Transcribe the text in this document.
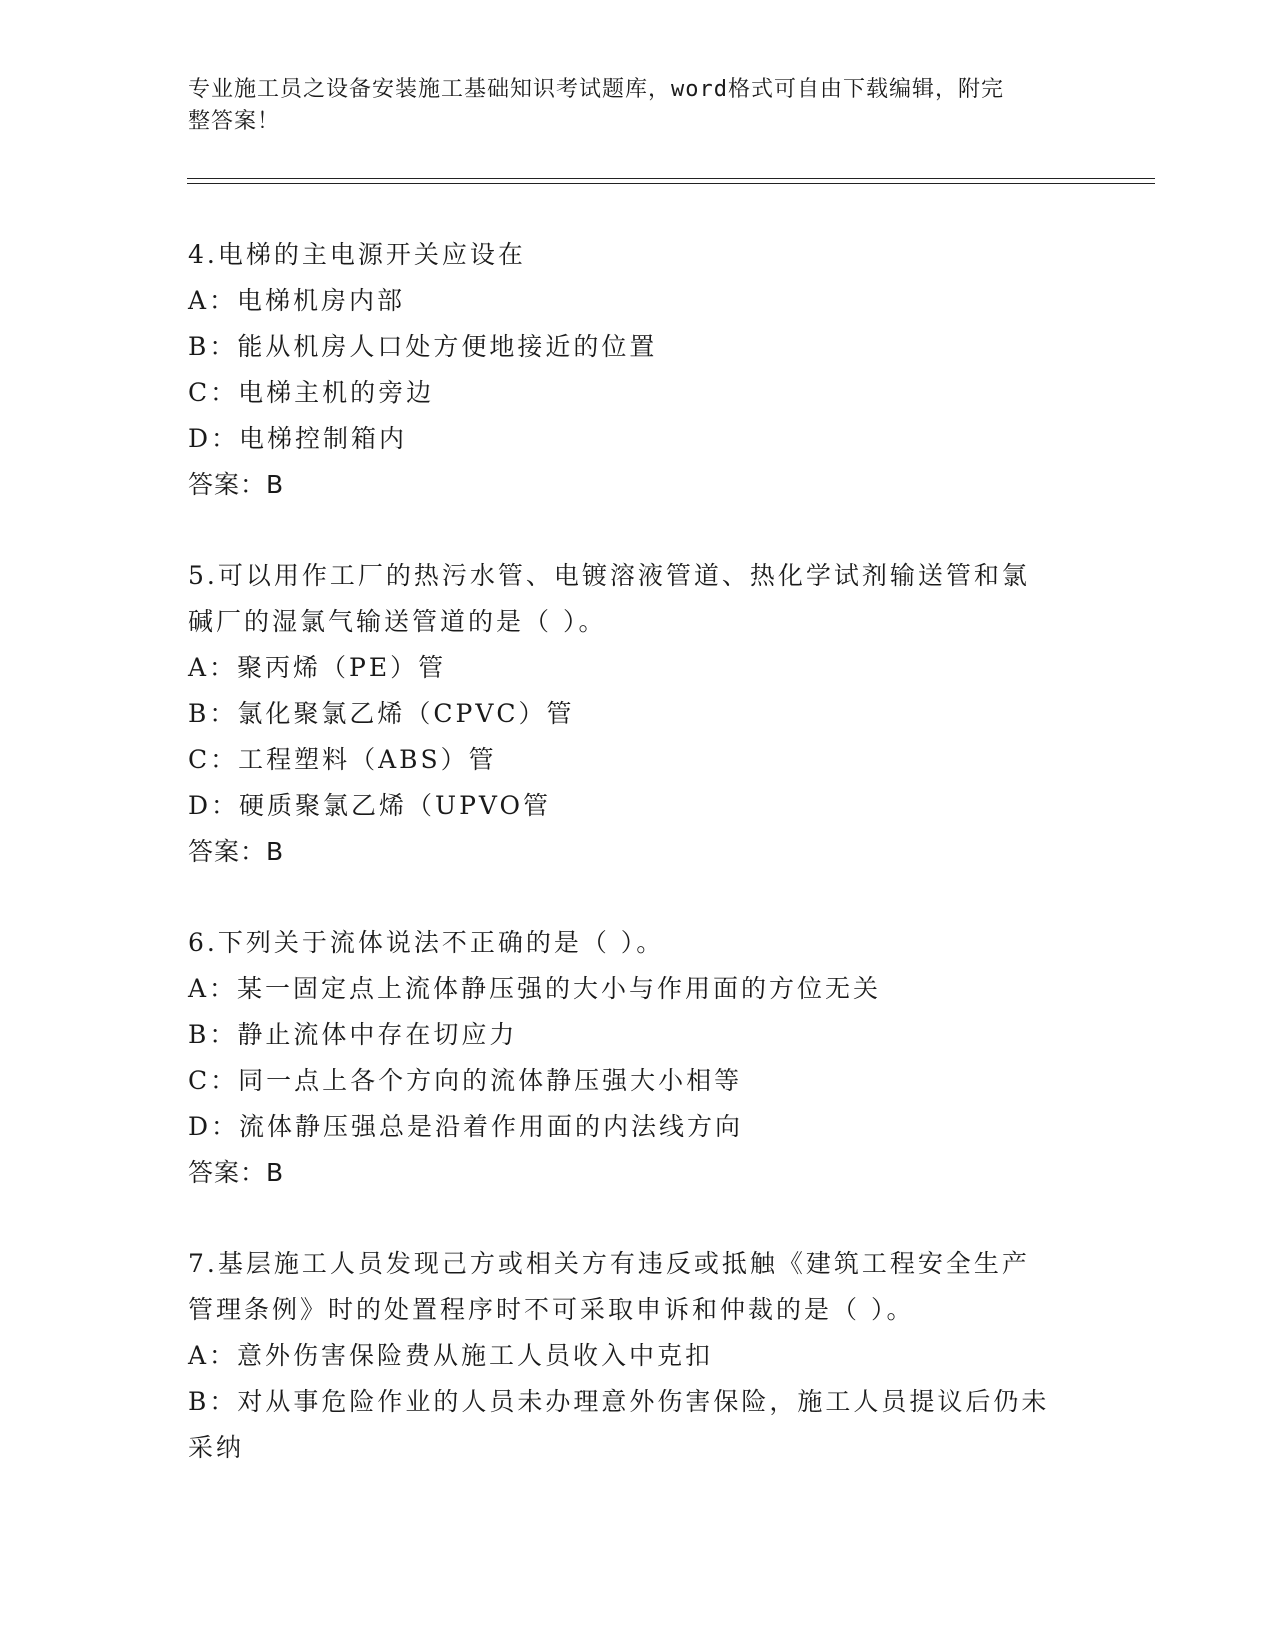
专业施工员之设备安装施工基础知识考试题库，word格式可自由下载编辑，附完
整答案！
4.电梯的主电源开关应设在
A：电梯机房内部
B：能从机房人口处方便地接近的位置
C：电梯主机的旁边
D：电梯控制箱内
答案：B
5.可以用作工厂的热污水管、电镀溶液管道、热化学试剂输送管和氯
碱厂的湿氯气输送管道的是（ ）。
A：聚丙烯（PE）管
B：氯化聚氯乙烯（CPVC）管
C：工程塑料（ABS）管
D：硬质聚氯乙烯（UPVO管
答案：B
6.下列关于流体说法不正确的是（ ）。
A：某一固定点上流体静压强的大小与作用面的方位无关
B：静止流体中存在切应力
C：同一点上各个方向的流体静压强大小相等
D：流体静压强总是沿着作用面的内法线方向
答案：B
7.基层施工人员发现己方或相关方有违反或抵触《建筑工程安全生产
管理条例》时的处置程序时不可采取申诉和仲裁的是（ ）。
A：意外伤害保险费从施工人员收入中克扣
B：对从事危险作业的人员未办理意外伤害保险，施工人员提议后仍未
采纳
